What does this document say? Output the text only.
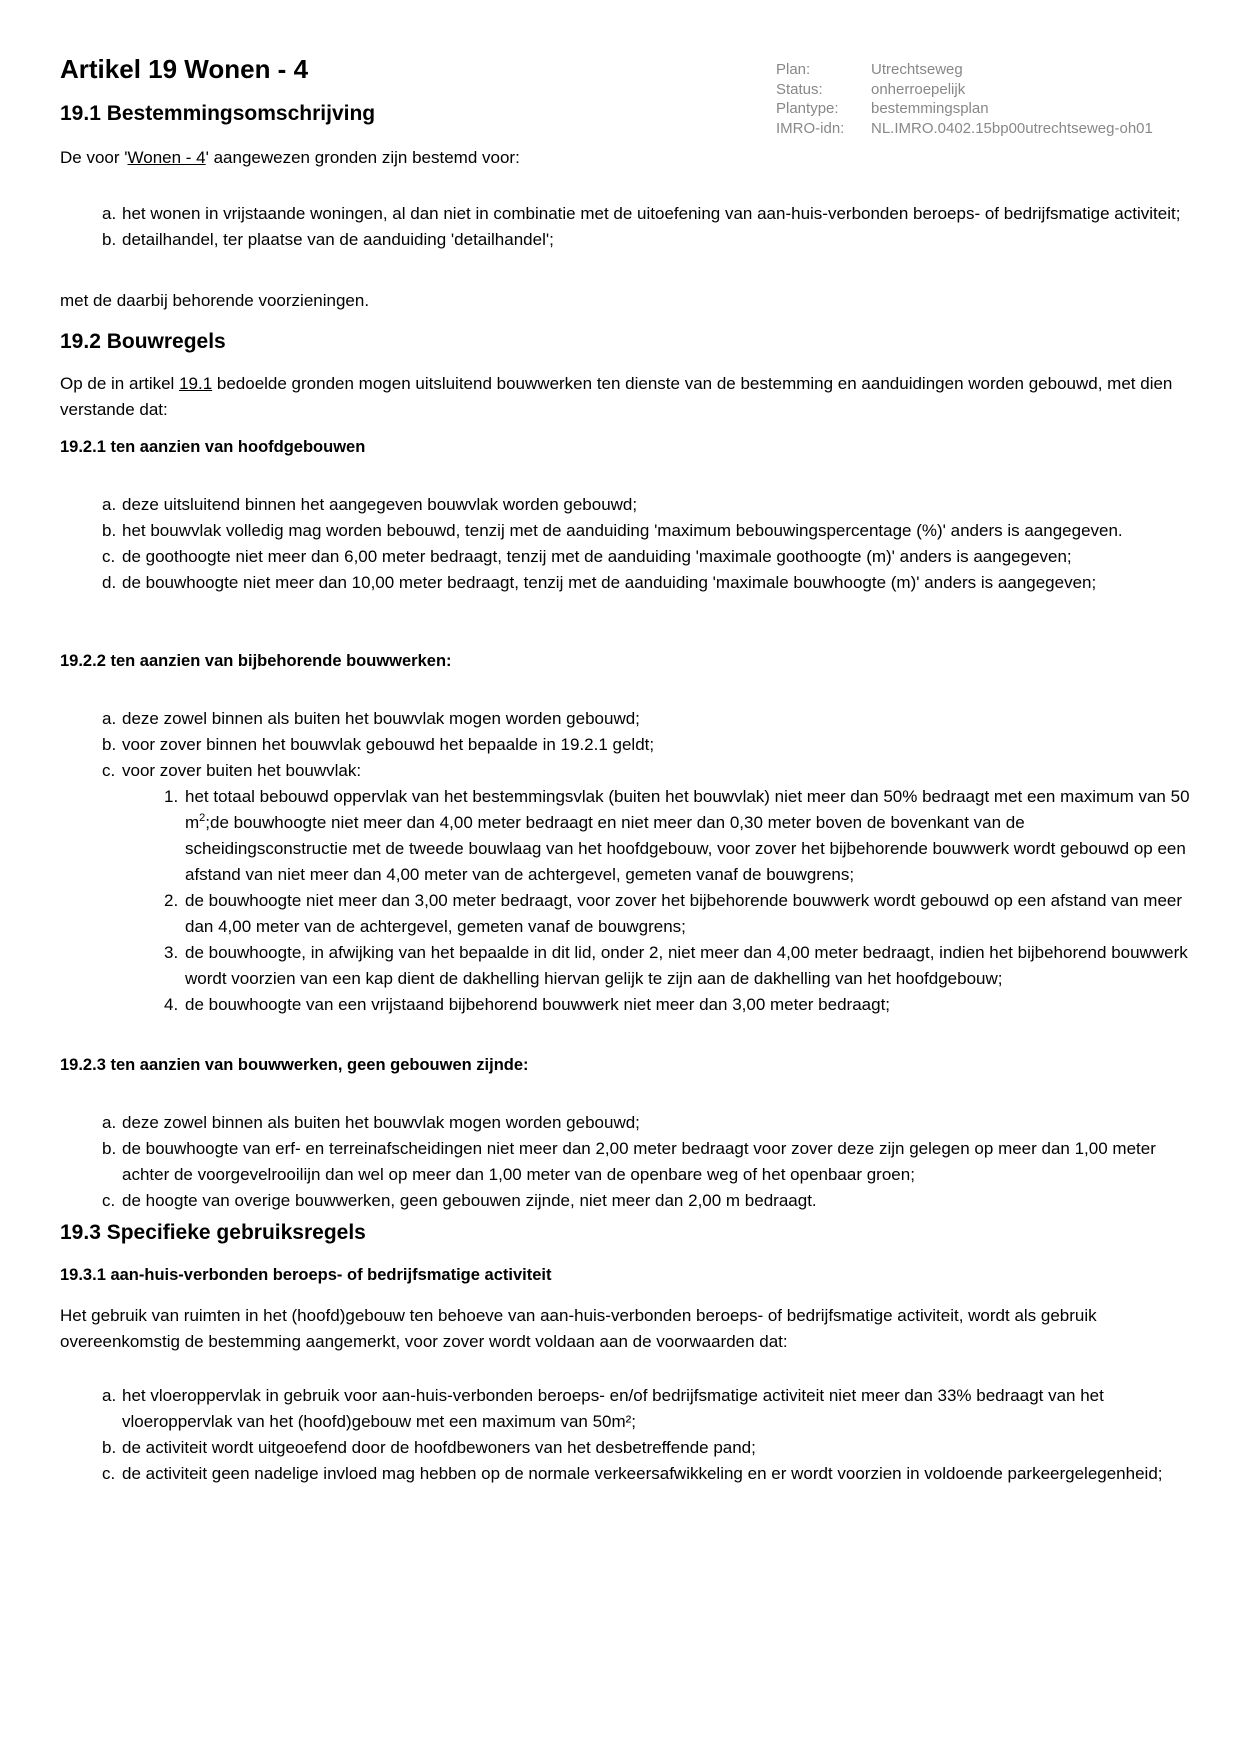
Plan:	Utrechtseweg
Status:	onherroepelijk
Plantype:	bestemmingsplan
IMRO-idn:	NL.IMRO.0402.15bp00utrechtseweg-oh01
Artikel 19 Wonen - 4
19.1 Bestemmingsomschrijving

De voor 'Wonen - 4' aangewezen gronden zijn bestemd voor:

a. het wonen in vrijstaande woningen, al dan niet in combinatie met de uitoefening van aan-huis-verbonden beroeps- of bedrijfsmatige activiteit;
b. detailhandel, ter plaatse van de aanduiding 'detailhandel';

met de daarbij behorende voorzieningen.

19.2 Bouwregels

Op de in artikel 19.1 bedoelde gronden mogen uitsluitend bouwwerken ten dienste van de bestemming en aanduidingen worden gebouwd, met dien verstande dat:

19.2.1 ten aanzien van hoofdgebouwen
a. deze uitsluitend binnen het aangegeven bouwvlak worden gebouwd;
b. het bouwvlak volledig mag worden bebouwd, tenzij met de aanduiding 'maximum bebouwingspercentage (%)' anders is aangegeven.
c. de goothoogte niet meer dan 6,00 meter bedraagt, tenzij met de aanduiding 'maximale goothoogte (m)' anders is aangegeven;
d. de bouwhoogte niet meer dan 10,00 meter bedraagt, tenzij met de aanduiding 'maximale bouwhoogte (m)' anders is aangegeven;
19.2.2 ten aanzien van bijbehorende bouwwerken:
a. deze zowel binnen als buiten het bouwvlak mogen worden gebouwd;
b. voor zover binnen het bouwvlak gebouwd het bepaalde in 19.2.1 geldt;
c. voor zover buiten het bouwvlak:
1. het totaal bebouwd oppervlak van het bestemmingsvlak (buiten het bouwvlak) niet meer dan 50% bedraagt met een maximum van 50 $m^2;de$ bouwhoogte niet meer dan 4,00 meter bedraagt en niet meer dan 0,30 meter boven de bovenkant van de scheidingsconstructie met de tweede bouwlaag van het hoofdgebouw, voor zover het bijbehorende bouwwerk wordt gebouwd op een afstand van niet meer dan 4,00 meter van de achtergevel, gemeten vanaf de bouwgrens;
2. de bouwhoogte niet meer dan 3,00 meter bedraagt, voor zover het bijbehorende bouwwerk wordt gebouwd op een afstand van meer dan 4,00 meter van de achtergevel, gemeten vanaf de bouwgrens;
3. de bouwhoogte, in afwijking van het bepaalde in dit lid, onder 2, niet meer dan 4,00 meter bedraagt, indien het bijbehorend bouwwerk wordt voorzien van een kap dient de dakhelling hiervan gelijk te zijn aan de dakhelling van het hoofdgebouw;
4. de bouwhoogte van een vrijstaand bijbehorend bouwwerk niet meer dan 3,00 meter bedraagt;
19.2.3 ten aanzien van bouwwerken, geen gebouwen zijnde:
a. deze zowel binnen als buiten het bouwvlak mogen worden gebouwd;
b. de bouwhoogte van erf- en terreinafscheidingen niet meer dan 2,00 meter bedraagt voor zover deze zijn gelegen op meer dan 1,00 meter achter de voorgevelrooilijn dan wel op meer dan 1,00 meter van de openbare weg of het openbaar groen;
c. de hoogte van overige bouwwerken, geen gebouwen zijnde, niet meer dan 2,00 m bedraagt.
19.3 Specifieke gebruiksregels
19.3.1 aan-huis-verbonden beroeps- of bedrijfsmatige activiteit

Het gebruik van ruimten in het (hoofd)gebouw ten behoeve van aan-huis-verbonden beroeps- of bedrijfsmatige activiteit, wordt als gebruik overeenkomstig de bestemming aangemerkt, voor zover wordt voldaan aan de voorwaarden dat:

a. het vloeroppervlak in gebruik voor aan-huis-verbonden beroeps- en/of bedrijfsmatige activiteit niet meer dan 33% bedraagt van het vloeroppervlak van het (hoofd)gebouw met een maximum van 50m²;
b. de activiteit wordt uitgeoefend door de hoofdbewoners van het desbetreffende pand;
c. de activiteit geen nadelige invloed mag hebben op de normale verkeersafwikkeling en er wordt voorzien in voldoende parkeergelegenheid;
